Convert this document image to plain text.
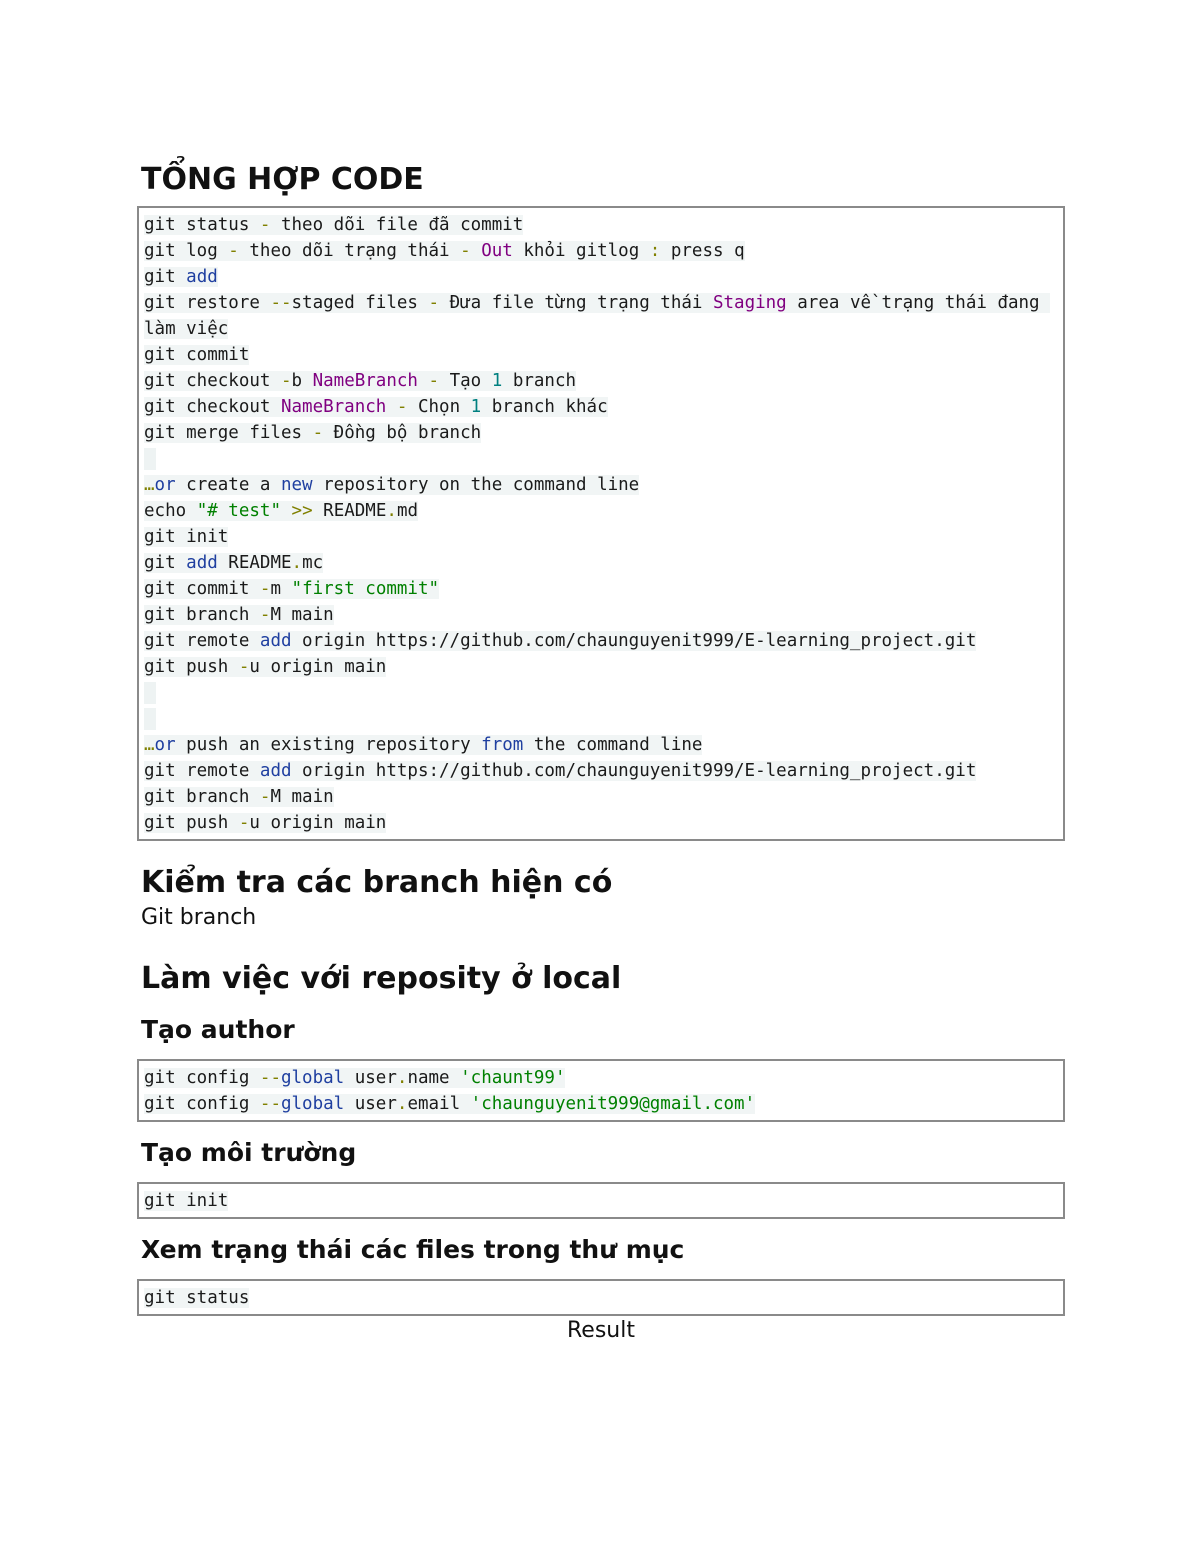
TỔNG HỢP CODE
git status - theo dõi file đã commit
git log - theo dõi trạng thái - Out khỏi gitlog : press q
git add
git restore --staged files - Đưa file từng trạng thái Staging area về trạng thái đang làm việc
git commit
git checkout -b NameBranch - Tạo 1 branch
git checkout NameBranch - Chọn 1 branch khác
git merge files - Đồng bộ branch
…or create a new repository on the command line
echo "# test" >> README.md
git init
git add README.mc
git commit -m "first commit"
git branch -M main
git remote add origin https://github.com/chaunguyenit999/E-learning_project.git
git push -u origin main
…or push an existing repository from the command line
git remote add origin https://github.com/chaunguyenit999/E-learning_project.git
git branch -M main
git push -u origin main
Kiểm tra các branch hiện có

Git branch

Làm việc với reposity ở local
Tạo author
git config --global user.name 'chaunt99'
git config --global user.email 'chaunguyenit999@gmail.com'
Tạo môi trường
git init
Xem trạng thái các files trong thư mục
git status

Result
